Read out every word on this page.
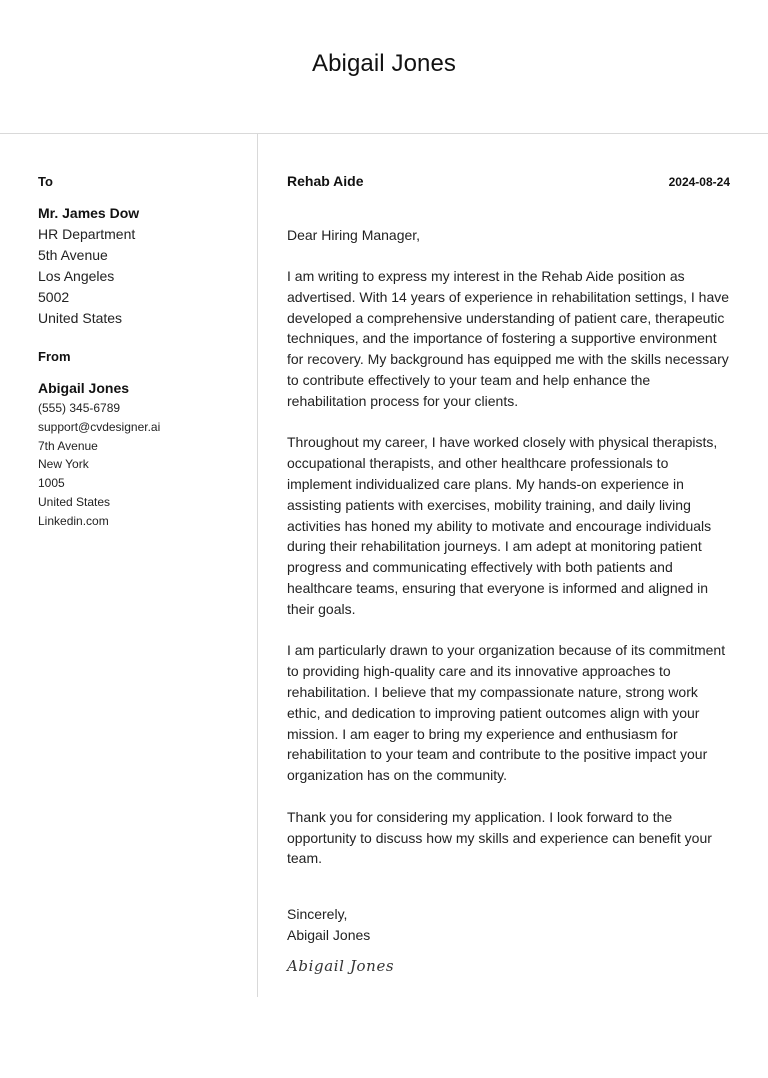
Abigail Jones
To
Mr. James Dow
HR Department
5th Avenue
Los Angeles
5002
United States
From
Abigail Jones
(555) 345-6789
support@cvdesigner.ai
7th Avenue
New York
1005
United States
Linkedin.com
Rehab Aide	2024-08-24
Dear Hiring Manager,

I am writing to express my interest in the Rehab Aide position as advertised. With 14 years of experience in rehabilitation settings, I have developed a comprehensive understanding of patient care, therapeutic techniques, and the importance of fostering a supportive environment for recovery. My background has equipped me with the skills necessary to contribute effectively to your team and help enhance the rehabilitation process for your clients.

Throughout my career, I have worked closely with physical therapists, occupational therapists, and other healthcare professionals to implement individualized care plans. My hands-on experience in assisting patients with exercises, mobility training, and daily living activities has honed my ability to motivate and encourage individuals during their rehabilitation journeys. I am adept at monitoring patient progress and communicating effectively with both patients and healthcare teams, ensuring that everyone is informed and aligned in their goals.

I am particularly drawn to your organization because of its commitment to providing high-quality care and its innovative approaches to rehabilitation. I believe that my compassionate nature, strong work ethic, and dedication to improving patient outcomes align with your mission. I am eager to bring my experience and enthusiasm for rehabilitation to your team and contribute to the positive impact your organization has on the community.

Thank you for considering my application. I look forward to the opportunity to discuss how my skills and experience can benefit your team.

Sincerely,
Abigail Jones
Abigail Jones
